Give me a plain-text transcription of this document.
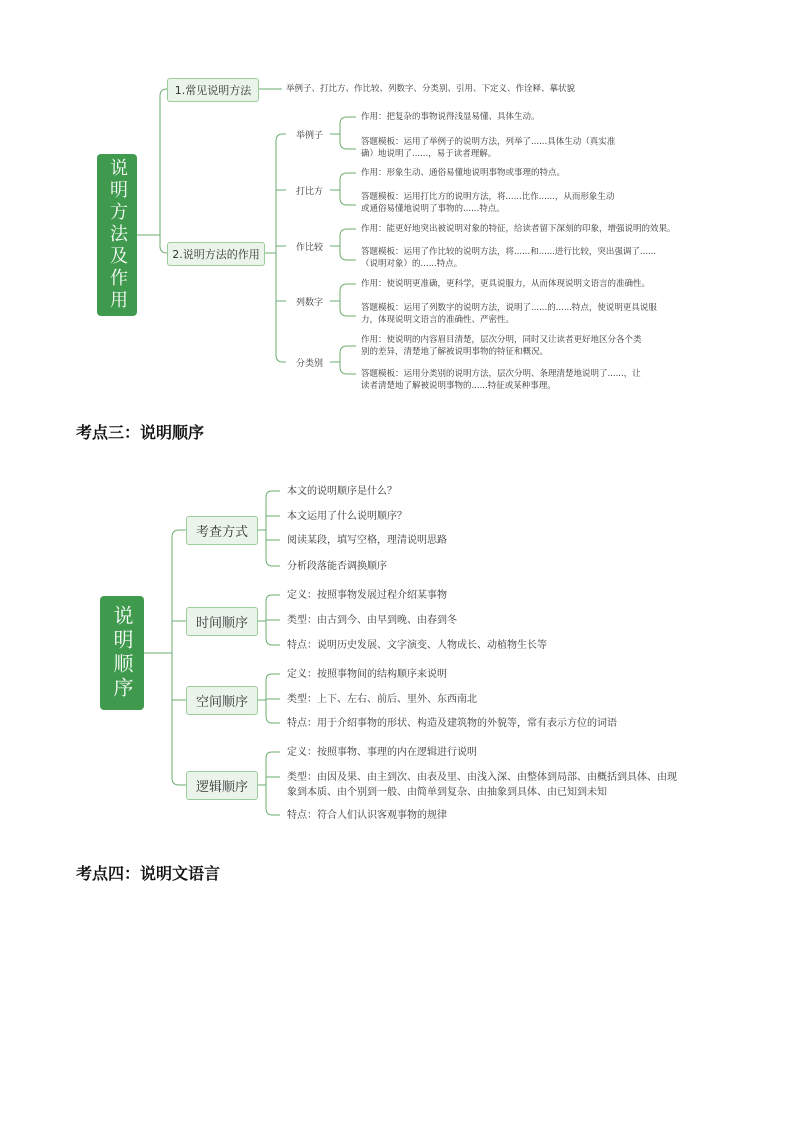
说明方法及作用
1.常见说明方法	举例子、打比方、作比较、列数字、分类别、引用、下定义、作诠释、摹状貌
2.说明方法的作用
举例子
作用：把复杂的事物说得浅显易懂、具体生动。
答题模板：运用了举例子的说明方法，列举了......具体生动（真实准
确）地说明了......，易于读者理解。
打比方
作用：形象生动、通俗易懂地说明事物或事理的特点。
答题模板：运用打比方的说明方法，将......比作......，从而形象生动
或通俗易懂地说明了事物的......特点。
作比较
作用：能更好地突出被说明对象的特征，给读者留下深刻的印象，增强说明的效果。
答题模板：运用了作比较的说明方法，将......和......进行比较，突出强调了......
（说明对象）的......特点。
列数字
作用：使说明更准确，更科学，更具说服力，从而体现说明文语言的准确性。
答题模板：运用了列数字的说明方法，说明了......的......特点，使说明更具说服
力，体现说明文语言的准确性、严密性。
分类别
作用：使说明的内容眉目清楚，层次分明，同时又让读者更好地区分各个类
别的差异，清楚地了解被说明事物的特征和概况。
答题模板：运用分类别的说明方法，层次分明、条理清楚地说明了......，让
读者清楚地了解被说明事物的......特征或某种事理。
考点三：说明顺序
说明顺序
考查方式
时间顺序
空间顺序
逻辑顺序
本文的说明顺序是什么？
本文运用了什么说明顺序？
阅读某段，填写空格，理清说明思路
分析段落能否调换顺序
定义：按照事物发展过程介绍某事物
类型：由古到今、由早到晚、由春到冬
特点：说明历史发展、文字演变、人物成长、动植物生长等
定义：按照事物间的结构顺序来说明
类型：上下、左右、前后、里外、东西南北
特点：用于介绍事物的形状、构造及建筑物的外貌等，常有表示方位的词语
定义：按照事物、事理的内在逻辑进行说明
类型：由因及果、由主到次、由表及里、由浅入深、由整体到局部、由概括到具体、由现
象到本质、由个别到一般、由简单到复杂、由抽象到具体、由已知到未知
特点：符合人们认识客观事物的规律
考点四：说明文语言
